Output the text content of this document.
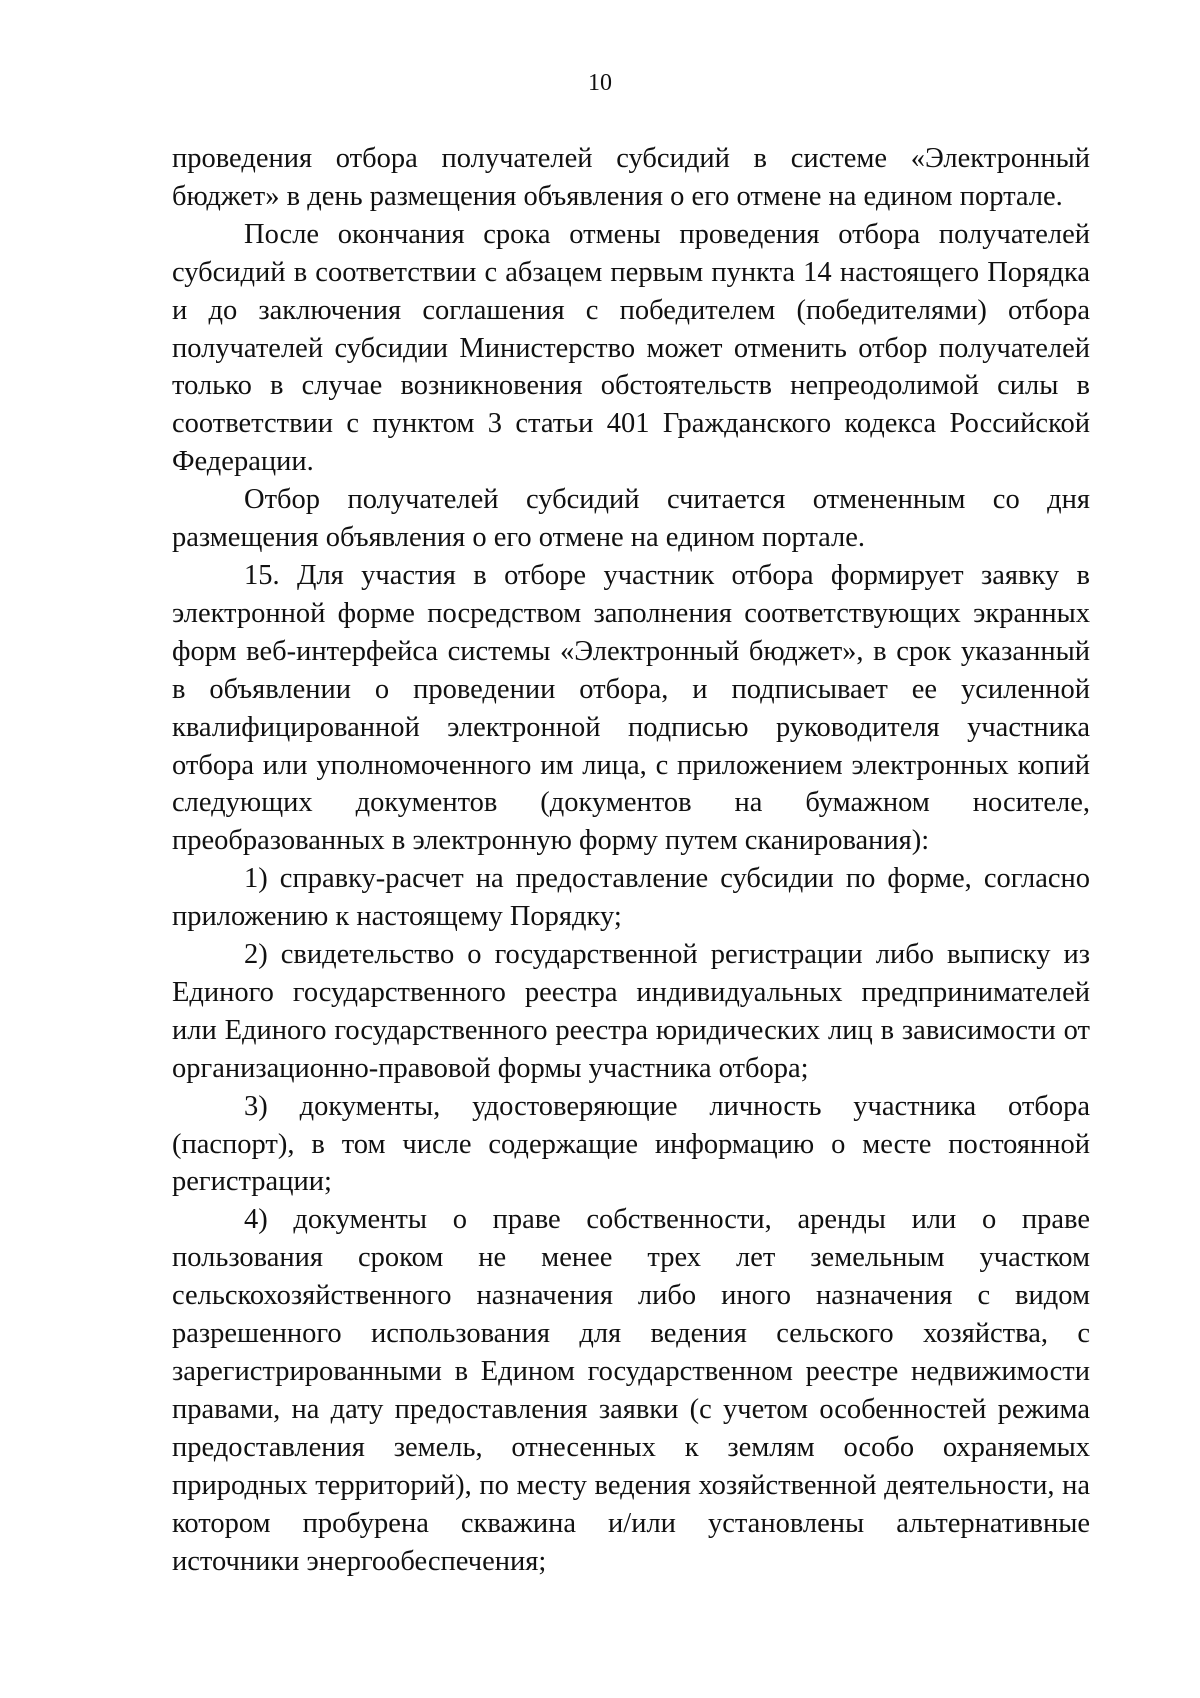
10

проведения отбора получателей субсидий в системе «Электронный бюджет» в день размещения объявления о его отмене на едином портале.

После окончания срока отмены проведения отбора получателей субсидий в соответствии с абзацем первым пункта 14 настоящего Порядка и до заключения соглашения с победителем (победителями) отбора получателей субсидии Министерство может отменить отбор получателей только в случае возникновения обстоятельств непреодолимой силы в соответствии с пунктом 3 статьи 401 Гражданского кодекса Российской Федерации.

Отбор получателей субсидий считается отмененным со дня размещения объявления о его отмене на едином портале.

15. Для участия в отборе участник отбора формирует заявку в электронной форме посредством заполнения соответствующих экранных форм веб-интерфейса системы «Электронный бюджет», в срок указанный в объявлении о проведении отбора, и подписывает ее усиленной квалифицированной электронной подписью руководителя участника отбора или уполномоченного им лица, с приложением электронных копий следующих документов (документов на бумажном носителе, преобразованных в электронную форму путем сканирования):

1) справку-расчет на предоставление субсидии по форме, согласно приложению к настоящему Порядку;

2) свидетельство о государственной регистрации либо выписку из Единого государственного реестра индивидуальных предпринимателей или Единого государственного реестра юридических лиц в зависимости от организационно-правовой формы участника отбора;

3) документы, удостоверяющие личность участника отбора (паспорт), в том числе содержащие информацию о месте постоянной регистрации;

4) документы о праве собственности, аренды или о праве пользования сроком не менее трех лет земельным участком сельскохозяйственного назначения либо иного назначения с видом разрешенного использования для ведения сельского хозяйства, с зарегистрированными в Едином государственном реестре недвижимости правами, на дату предоставления заявки (с учетом особенностей режима предоставления земель, отнесенных к землям особо охраняемых природных территорий), по месту ведения хозяйственной деятельности, на котором пробурена скважина и/или установлены альтернативные источники энергообеспечения;
